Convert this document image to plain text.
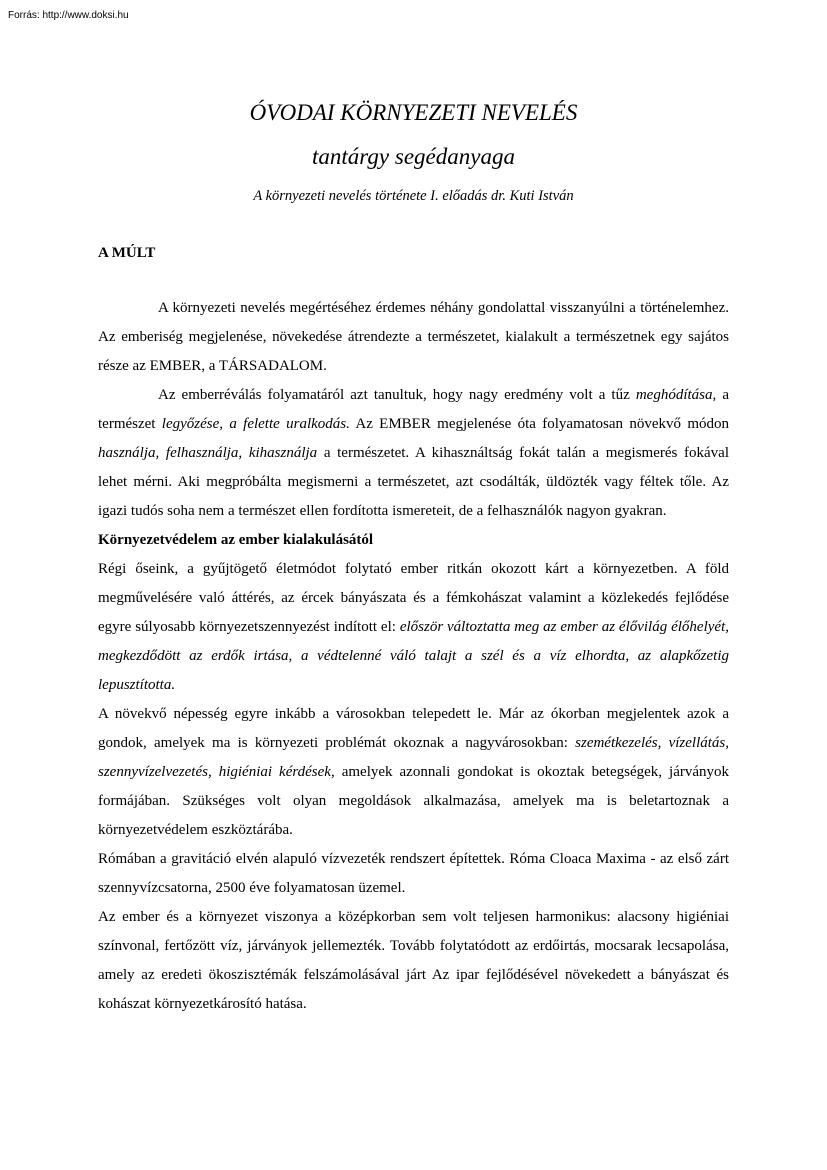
Forrás: http://www.doksi.hu
ÓVODAI KÖRNYEZETI NEVELÉS
tantárgy segédanyaga
A környezeti nevelés története I. előadás dr. Kuti István
A MÚLT

A környezeti nevelés megértéséhez érdemes néhány gondolattal visszanyúlni a történelemhez. Az emberiség megjelenése, növekedése átrendezte a természetet, kialakult a természetnek egy sajátos része az EMBER, a TÁRSADALOM.

Az emberréválás folyamatáról azt tanultuk, hogy nagy eredmény volt a tűz meghódítása, a természet legyőzése, a felette uralkodás. Az EMBER megjelenése óta folyamatosan növekvő módon használja, felhasználja, kihasználja a természetet. A kihasználtság fokát talán a megismerés fokával lehet mérni. Aki megpróbálta megismerni a természetet, azt csodálták, üldözték vagy féltek tőle. Az igazi tudós soha nem a természet ellen fordította ismereteit, de a felhasználók nagyon gyakran.

Környezetvédelem az ember kialakulásától

Régi őseink, a gyűjtögető életmódot folytató ember ritkán okozott kárt a környezetben. A föld megművelésére való áttérés, az ércek bányászata és a fémkohászat valamint a közlekedés fejlődése egyre súlyosabb környezetszennyezést indított el: először változtatta meg az ember az élővilág élőhelyét, megkezdődött az erdők irtása, a védtelenné váló talajt a szél és a víz elhordta, az alapkőzetig lepusztította.

A növekvő népesség egyre inkább a városokban telepedett le. Már az ókorban megjelentek azok a gondok, amelyek ma is környezeti problémát okoznak a nagyvárosokban: szemétkezelés, vízellátás, szennyvízelvezetés, higiéniai kérdések, amelyek azonnali gondokat is okoztak betegségek, járványok formájában. Szükséges volt olyan megoldások alkalmazása, amelyek ma is beletartoznak a környezetvédelem eszköztárába.

Rómában a gravitáció elvén alapuló vízvezeték rendszert építettek. Róma Cloaca Maxima - az első zárt szennyvízcsatorna, 2500 éve folyamatosan üzemel.

Az ember és a környezet viszonya a középkorban sem volt teljesen harmonikus: alacsony higiéniai színvonal, fertőzött víz, járványok jellemezték. Tovább folytatódott az erdőirtás, mocsarak lecsapolása, amely az eredeti ökoszisztémák felszámolásával járt Az ipar fejlődésével növekedett a bányászat és kohászat környezetkárosító hatása.
